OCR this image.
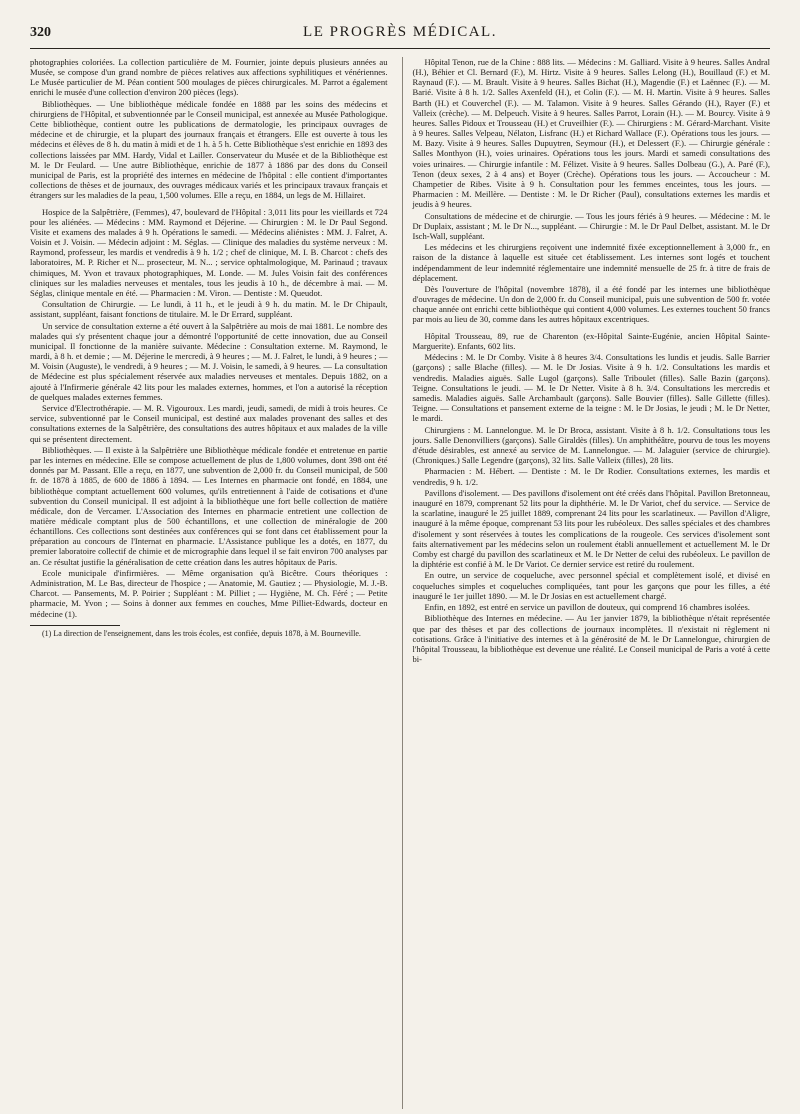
320	LE PROGRÈS MÉDICAL.

photographies coloriées. La collection particulière de M. Fournier, jointe depuis plusieurs années au Musée, se compose d'un grand nombre de pièces relatives aux affections syphilitiques et vénériennes. Le Musée particulier de M. Péan contient 500 moulages de pièces chirurgicales. M. Parrot a également enrichi le musée d'une collection d'environ 200 pièces (legs).

Bibliothèques. — Une bibliothèque médicale fondée en 1888 par les soins des médecins et chirurgiens de l'Hôpital, et subventionnée par le Conseil municipal, est annexée au Musée Pathologique. Cette bibliothèque, contient outre les publications de dermatologie, les principaux ouvrages de médecine et de chirurgie, et la plupart des journaux français et étrangers. Elle est ouverte à tous les médecins et élèves de 8 h. du matin à midi et de 1 h. à 5 h. Cette Bibliothèque s'est enrichie en 1893 des collections laissées par MM. Hardy, Vidal et Lailler. Conservateur du Musée et de la Bibliothèque est M. le Dr Feulard. — Une autre Bibliothèque, enrichie de 1877 à 1886 par des dons du Conseil municipal de Paris, est la propriété des internes en médecine de l'hôpital : elle contient d'importantes collections de thèses et de journaux, des ouvrages médicaux variés et les principaux travaux français et étrangers sur les maladies de la peau, 1,500 volumes. Elle a reçu, en 1884, un legs de M. Hillairet.

Hospice de la Salpêtrière, (Femmes), 47, boulevard de l'Hôpital : 3,011 lits pour les vieillards et 724 pour les aliénées. — Médecins : MM. Raymond et Déjerine. — Chirurgien : M. le Dr Paul Segond. Visite et examens des malades à 9 h. Opérations le samedi. — Médecins aliénistes : MM. J. Falret, A. Voisin et J. Voisin. — Médecin adjoint : M. Séglas. — Clinique des maladies du système nerveux : M. Raymond, professeur, les mardis et vendredis à 9 h. 1/2 ; chef de clinique, M. I. B. Charcot : chefs des laboratoires, M. P. Richer et N... prosecteur, M. N... ; service ophtalmologique, M. Parinaud ; travaux chimiques, M. Yvon et travaux photographiques, M. Londe. — M. Jules Voisin fait des conférences cliniques sur les maladies nerveuses et mentales, tous les jeudis à 10 h., de décembre à mai. — M. Séglas, clinique mentale en été. — Pharmacien : M. Viron. — Dentiste : M. Queudot.

Consultation de Chirurgie. — Le lundi, à 11 h., et le jeudi à 9 h. du matin. M. le Dr Chipault, assistant, suppléant, faisant fonctions de titulaire. M. le Dr Errard, suppléant.

Un service de consultation externe a été ouvert à la Salpêtrière au mois de mai 1881. Le nombre des malades qui s'y présentent chaque jour a démontré l'opportunité de cette innovation, due au Conseil municipal. Il fonctionne de la manière suivante. Médecine : Consultation externe. M. Raymond, le mardi, à 8 h. et demie ; — M. Déjerine le mercredi, à 9 heures ; — M. J. Falret, le lundi, à 9 heures ; — M. Voisin (Auguste), le vendredi, à 9 heures ; — M. J. Voisin, le samedi, à 9 heures. — La consultation de Médecine est plus spécialement réservée aux maladies nerveuses et mentales. Depuis 1882, on a ajouté à l'Infirmerie générale 42 lits pour les malades externes, hommes, et l'on a autorisé la réception de quelques malades externes femmes.

Service d'Electrothérapie. — M. R. Vigouroux. Les mardi, jeudi, samedi, de midi à trois heures. Ce service, subventionné par le Conseil municipal, est destiné aux malades provenant des salles et des consultations externes de la Salpêtrière, des consultations des autres hôpitaux et aux malades de la ville qui se présentent directement.

Bibliothèques. — Il existe à la Salpêtrière une Bibliothèque médicale fondée et entretenue en partie par les internes en médecine. Elle se compose actuellement de plus de 1,800 volumes, dont 398 ont été donnés par M. Passant. Elle a reçu, en 1877, une subvention de 2,000 fr. du Conseil municipal, de 500 fr. de 1878 à 1885, de 600 de 1886 à 1894. — Les Internes en pharmacie ont fondé, en 1884, une bibliothèque comptant actuellement 600 volumes, qu'ils entretiennent à l'aide de cotisations et d'une subvention du Conseil municipal. Il est adjoint à la bibliothèque une fort belle collection de matière médicale, don de Vercamer. L'Association des Internes en pharmacie entretient une collection de matière médicale comptant plus de 500 échantillons, et une collection de minéralogie de 200 échantillons. Ces collections sont destinées aux conférences qui se font dans cet établissement pour la préparation au concours de l'Internat en pharmacie. L'Assistance publique les a dotés, en 1877, du premier laboratoire collectif de chimie et de micrographie dans lequel il se fait environ 700 analyses par an. Ce résultat justifie la généralisation de cette création dans les autres hôpitaux de Paris.

Ecole municipale d'infirmières. — Même organisation qu'à Bicêtre. Cours théoriques : Administration, M. Le Bas, directeur de l'hospice ; — Anatomie, M. Gautiez ; — Physiologie, M. J.-B. Charcot. — Pansements, M. P. Poirier ; Suppléant : M. Pilliet ; — Hygiène, M. Ch. Féré ; — Petite pharmacie, M. Yvon ; — Soins à donner aux femmes en couches, Mme Pilliet-Edwards, docteur en médecine (1).

(1) La direction de l'enseignement, dans les trois écoles, est confiée, depuis 1878, à M. Bourneville.

Hôpital Tenon, rue de la Chine : 888 lits. — Médecins : M. Galliard. Visite à 9 heures. Salles Andral (H.), Béhier et Cl. Bernard (F.), M. Hirtz. Visite à 9 heures. Salles Lelong (H.), Bouillaud (F.) et M. Raynaud (F.). — M. Brault. Visite à 9 heures. Salles Bichat (H.), Magendie (F.) et Laënnec (F.). — M. Barié. Visite à 8 h. 1/2. Salles Axenfeld (H.), et Colin (F.). — M. H. Martin. Visite à 9 heures. Salles Barth (H.) et Couverchel (F.). — M. Talamon. Visite à 9 heures. Salles Gérando (H.), Rayer (F.) et Valleix (crèche). — M. Delpeuch. Visite à 9 heures. Salles Parrot, Lorain (H.). — M. Bourcy. Visite à 9 heures. Salles Pidoux et Trousseau (H.) et Cruveilhier (F.). — Chirurgiens : M. Gérard-Marchant. Visite à 9 heures. Salles Velpeau, Nélaton, Lisfranc (H.) et Richard Wallace (F.). Opérations tous les jours. — M. Bazy. Visite à 9 heures. Salles Dupuytren, Seymour (H.), et Delessert (F.). — Chirurgie générale : Salles Monthyon (H.), voies urinaires. Opérations tous les jours. Mardi et samedi consultations des voies urinaires. — Chirurgie infantile : M. Félizet. Visite à 9 heures. Salles Dolbeau (G.), A. Paré (F.), Tenon (deux sexes, 2 à 4 ans) et Boyer (Crèche). Opérations tous les jours. — Accoucheur : M. Champetier de Ribes. Visite à 9 h. Consultation pour les femmes enceintes, tous les jours. — Pharmacien : M. Meillère. — Dentiste : M. le Dr Richer (Paul), consultations externes les mardis et jeudis à 9 heures.

Consultations de médecine et de chirurgie. — Tous les jours fériés à 9 heures. — Médecine : M. le Dr Duplaix, assistant ; M. le Dr N..., suppléant. — Chirurgie : M. le Dr Paul Delbet, assistant. M. le Dr Isch-Wall, suppléant.

Les médecins et les chirurgiens reçoivent une indemnité fixée exceptionnellement à 3,000 fr., en raison de la distance à laquelle est située cet établissement. Les internes sont logés et touchent indépendamment de leur indemnité réglementaire une indemnité mensuelle de 25 fr. à titre de frais de déplacement.

Dès l'ouverture de l'hôpital (novembre 1878), il a été fondé par les internes une bibliothèque d'ouvrages de médecine. Un don de 2,000 fr. du Conseil municipal, puis une subvention de 500 fr. votée chaque année ont enrichi cette bibliothèque qui contient 4,000 volumes. Les externes touchent 50 francs par mois au lieu de 30, comme dans les autres hôpitaux excentriques.

Hôpital Trousseau, 89, rue de Charenton (ex-Hôpital Sainte-Eugénie, ancien Hôpital Sainte-Marguerite). Enfants, 602 lits.

Médecins : M. le Dr Comby. Visite à 8 heures 3/4. Consultations les lundis et jeudis. Salle Barrier (garçons) ; salle Blache (filles). — M. le Dr Josias. Visite à 9 h. 1/2. Consultations les mardis et vendredis. Maladies aiguës. Salle Lugol (garçons). Salle Triboulet (filles). Salle Bazin (garçons). Teigne. Consultations le jeudi. — M. le Dr Netter. Visite à 8 h. 3/4. Consultations les mercredis et samedis. Maladies aiguës. Salle Archambault (garçons). Salle Bouvier (filles). Salle Gillette (filles). Teigne. — Consultations et pansement externe de la teigne : M. le Dr Josias, le jeudi ; M. le Dr Netter, le mardi.

Chirurgiens : M. Lannelongue. M. le Dr Broca, assistant. Visite à 8 h. 1/2. Consultations tous les jours. Salle Denonvilliers (garçons). Salle Giraldès (filles). Un amphithéâtre, pourvu de tous les moyens d'étude désirables, est annexé au service de M. Lannelongue. — M. Jalaguier (service de chirurgie). (Chroniques.) Salle Legendre (garçons), 32 lits. Salle Valleix (filles), 28 lits.

Pharmacien : M. Hébert. — Dentiste : M. le Dr Rodier. Consultations externes, les mardis et vendredis, 9 h. 1/2.

Pavillons d'isolement. — Des pavillons d'isolement ont été créés dans l'hôpital. Pavillon Bretonneau, inauguré en 1879, comprenant 52 lits pour la diphthérie. M. le Dr Variot, chef du service. — Service de la scarlatine, inauguré le 25 juillet 1889, comprenant 24 lits pour les scarlatineux. — Pavillon d'Aligre, inauguré à la même époque, comprenant 53 lits pour les rubéoleux. Des salles spéciales et des chambres d'isolement y sont réservées à toutes les complications de la rougeole. Ces services d'isolement sont faits alternativement par les médecins selon un roulement établi annuellement et actuellement M. le Dr Comby est chargé du pavillon des scarlatineux et M. le Dr Netter de celui des rubéoleux. Le pavillon de la diphtérie est confié à M. le Dr Variot. Ce dernier service est retiré du roulement.

En outre, un service de coqueluche, avec personnel spécial et complètement isolé, et divisé en coqueluches simples et coqueluches compliquées, tant pour les garçons que pour les filles, a été inauguré le 1er juillet 1890. — M. le Dr Josias en est actuellement chargé.

Enfin, en 1892, est entré en service un pavillon de douteux, qui comprend 16 chambres isolées.

Bibliothèque des Internes en médecine. — Au 1er janvier 1879, la bibliothèque n'était représentée que par des thèses et par des collections de journaux incomplètes. Il n'existait ni règlement ni cotisations. Grâce à l'initiative des internes et à la générosité de M. le Dr Lannelongue, chirurgien de l'hôpital Trousseau, la bibliothèque est devenue une réalité. Le Conseil municipal de Paris a voté à cette bi-
